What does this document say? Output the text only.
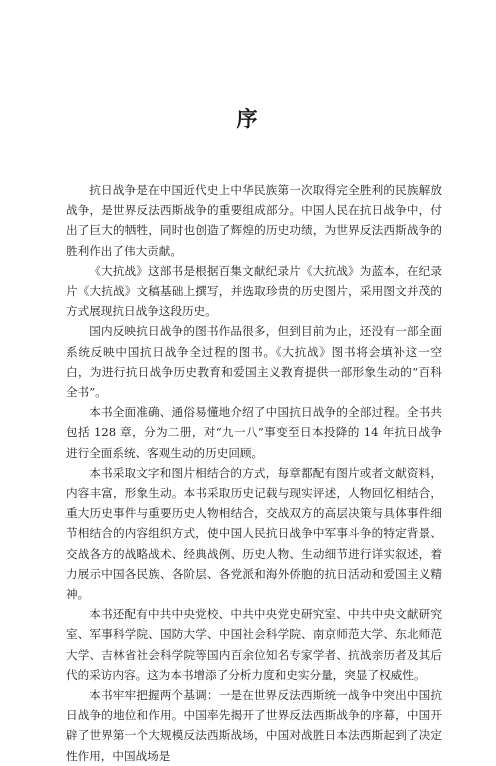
序

抗日战争是在中国近代史上中华民族第一次取得完全胜利的民族解放战争，是世界反法西斯战争的重要组成部分。中国人民在抗日战争中，付出了巨大的牺牲，同时也创造了辉煌的历史功绩，为世界反法西斯战争的胜利作出了伟大贡献。

《大抗战》这部书是根据百集文献纪录片《大抗战》为蓝本，在纪录片《大抗战》文稿基础上撰写，并选取珍贵的历史图片，采用图文并茂的方式展现抗日战争这段历史。

国内反映抗日战争的图书作品很多，但到目前为止，还没有一部全面系统反映中国抗日战争全过程的图书。《大抗战》图书将会填补这一空白，为进行抗日战争历史教育和爱国主义教育提供一部形象生动的“百科全书”。

本书全面准确、通俗易懂地介绍了中国抗日战争的全部过程。全书共包括 128 章，分为二册，对“九一八”事变至日本投降的 14 年抗日战争进行全面系统、客观生动的历史回顾。

本书采取文字和图片相结合的方式，每章都配有图片或者文献资料，内容丰富，形象生动。本书采取历史记载与现实评述，人物回忆相结合，重大历史事件与重要历史人物相结合，交战双方的高层决策与具体事件细节相结合的内容组织方式，使中国人民抗日战争中军事斗争的特定背景、交战各方的战略战术、经典战例、历史人物、生动细节进行详实叙述，着力展示中国各民族、各阶层、各党派和海外侨胞的抗日活动和爱国主义精神。

本书还配有中共中央党校、中共中央党史研究室、中共中央文献研究室、军事科学院、国防大学、中国社会科学院、南京师范大学、东北师范大学、吉林省社会科学院等国内百余位知名专家学者、抗战亲历者及其后代的采访内容。这为本书增添了分析力度和史实分量，突显了权威性。

本书牢牢把握两个基调：一是在世界反法西斯统一战争中突出中国抗日战争的地位和作用。中国率先揭开了世界反法西斯战争的序幕，中国开辟了世界第一个大规模反法西斯战场，中国对战胜日本法西斯起到了决定性作用，中国战场是
